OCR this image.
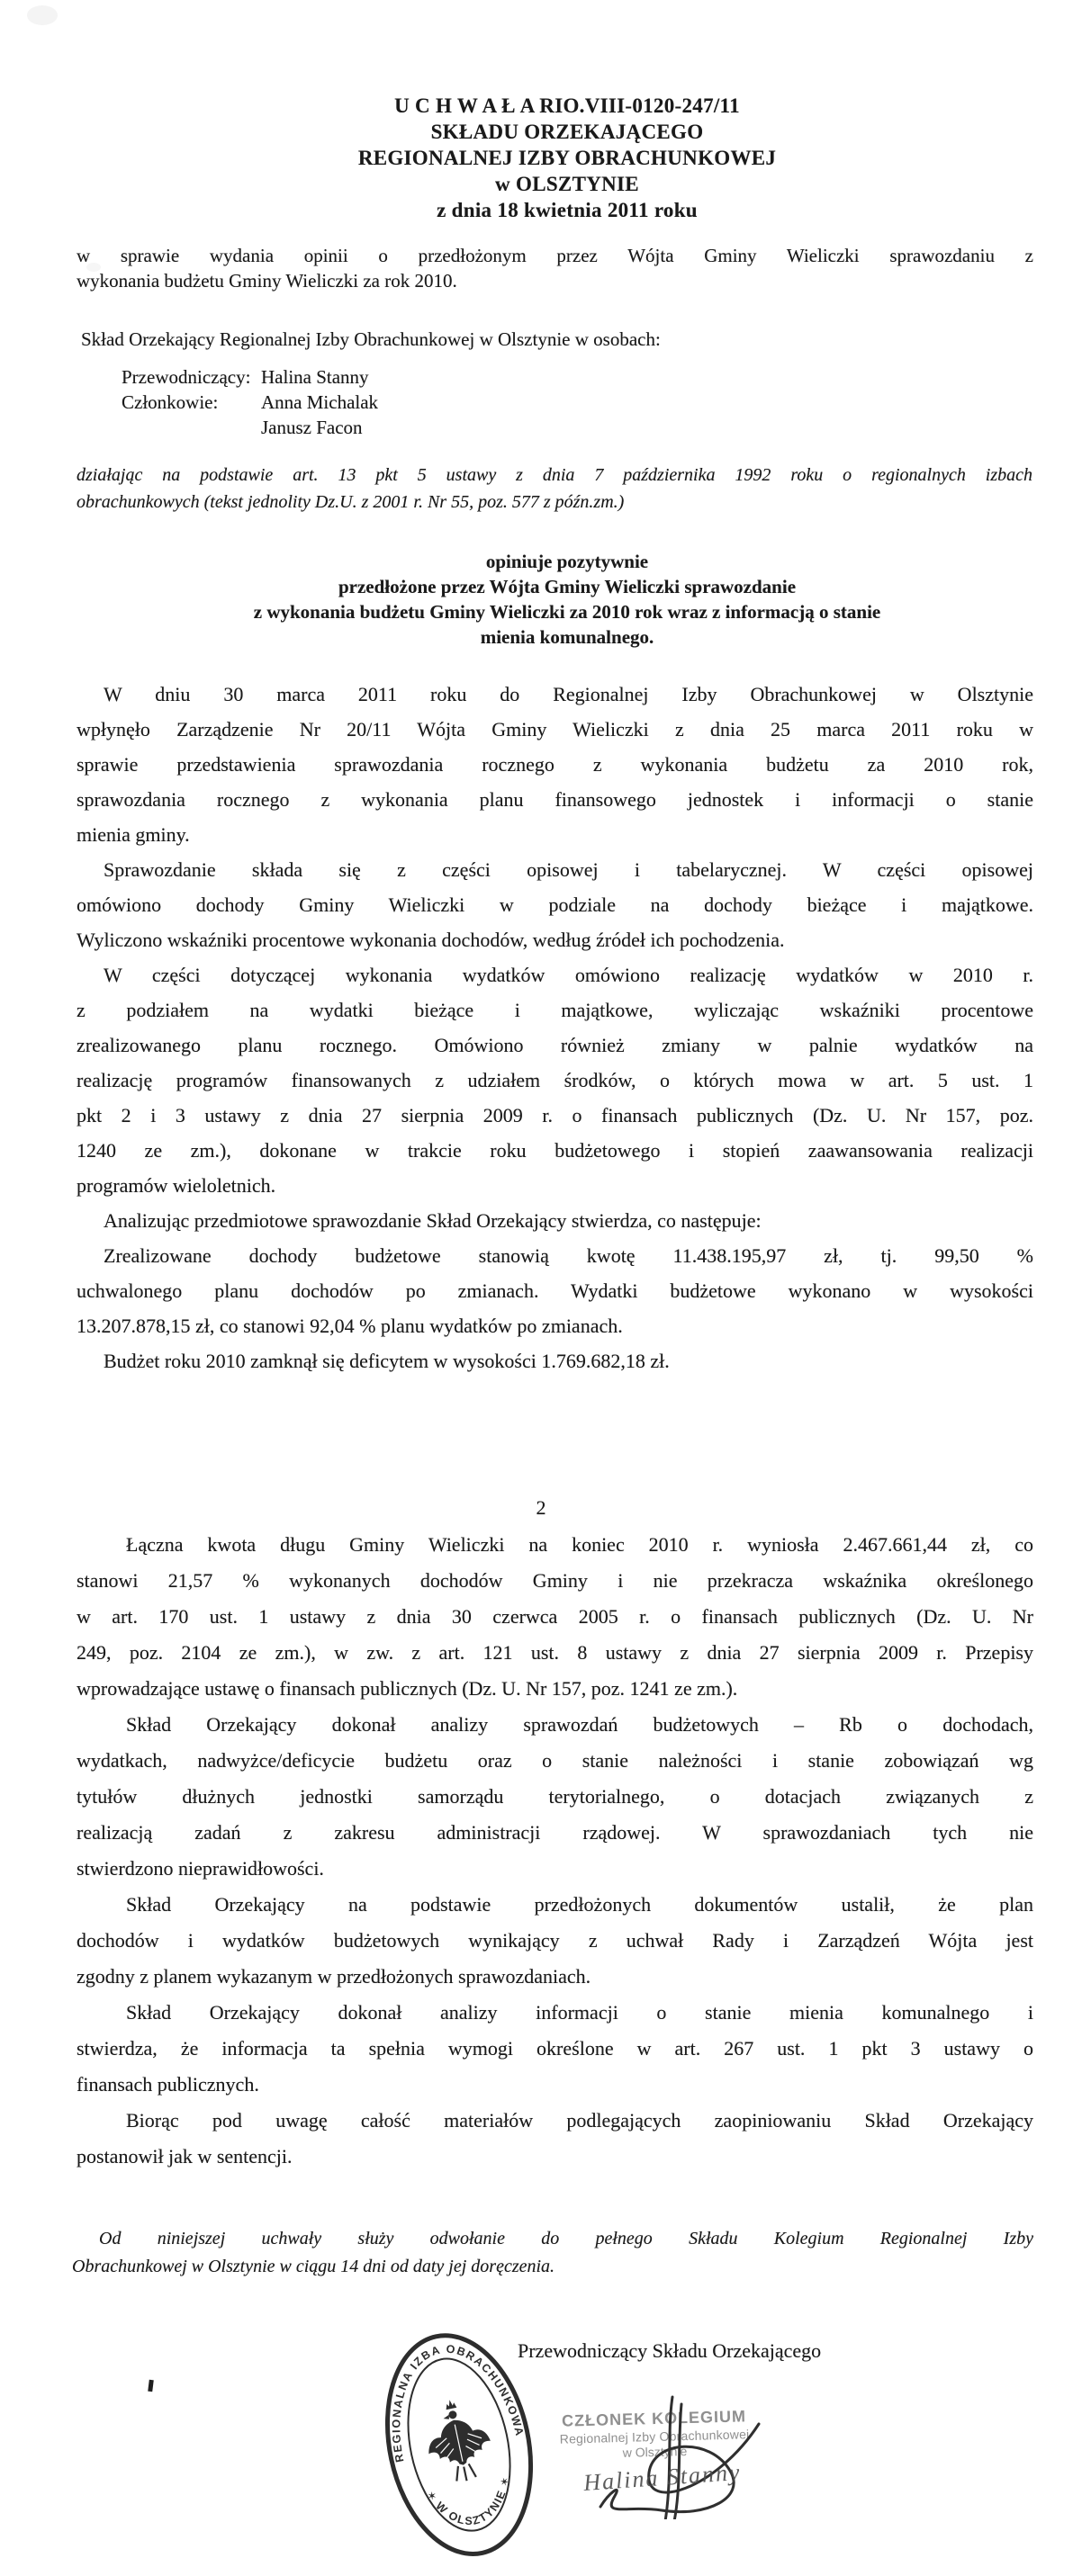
U C H W A Ł A RIO.VIII-0120-247/11
SKŁADU ORZEKAJĄCEGO
REGIONALNEJ IZBY OBRACHUNKOWEJ
w OLSZTYNIE
z dnia 18 kwietnia 2011 roku
w sprawie wydania opinii o przedłożonym przez Wójta Gminy Wieliczki sprawozdaniu z
wykonania budżetu Gminy Wieliczki za rok 2010.
Skład Orzekający Regionalnej Izby Obrachunkowej w Olsztynie w osobach:
Przewodniczący: Halina Stanny
Członkowie:	Anna Michalak
Janusz Facon
działając na podstawie art. 13 pkt 5 ustawy z dnia 7 października 1992 roku o regionalnych izbach
obrachunkowych (tekst jednolity Dz.U. z 2001 r. Nr 55, poz. 577 z późn.zm.)
opiniuje pozytywnie
przedłożone przez Wójta Gminy Wieliczki sprawozdanie
z wykonania budżetu Gminy Wieliczki za 2010 rok wraz z informacją o stanie
mienia komunalnego.
W dniu 30 marca 2011 roku do Regionalnej Izby Obrachunkowej w Olsztynie
wpłynęło Zarządzenie Nr 20/11 Wójta Gminy Wieliczki z dnia 25 marca 2011 roku w
sprawie przedstawienia sprawozdania rocznego z wykonania budżetu za 2010 rok,
sprawozdania rocznego z wykonania planu finansowego jednostek i informacji o stanie
mienia gminy.
Sprawozdanie składa się z części opisowej i tabelarycznej. W części opisowej
omówiono dochody Gminy Wieliczki w podziale na dochody bieżące i majątkowe.
Wyliczono wskaźniki procentowe wykonania dochodów, według źródeł ich pochodzenia.
W części dotyczącej wykonania wydatków omówiono realizację wydatków w 2010 r.
z podziałem na wydatki bieżące i majątkowe, wyliczając wskaźniki procentowe
zrealizowanego planu rocznego. Omówiono również zmiany w palnie wydatków na
realizację programów finansowanych z udziałem środków, o których mowa w art. 5 ust. 1
pkt 2 i 3 ustawy z dnia 27 sierpnia 2009 r. o finansach publicznych (Dz. U. Nr 157, poz.
1240 ze zm.), dokonane w trakcie roku budżetowego i stopień zaawansowania realizacji
programów wieloletnich.
Analizując przedmiotowe sprawozdanie Skład Orzekający stwierdza, co następuje:
Zrealizowane dochody budżetowe stanowią kwotę 11.438.195,97 zł, tj. 99,50 %
uchwalonego planu dochodów po zmianach. Wydatki budżetowe wykonano w wysokości
13.207.878,15 zł, co stanowi 92,04 % planu wydatków po zmianach.
Budżet roku 2010 zamknął się deficytem w wysokości 1.769.682,18 zł.
2
Łączna kwota długu Gminy Wieliczki na koniec 2010 r. wyniosła 2.467.661,44 zł, co
stanowi 21,57 % wykonanych dochodów Gminy i nie przekracza wskaźnika określonego
w art. 170 ust. 1 ustawy z dnia 30 czerwca 2005 r. o finansach publicznych (Dz. U. Nr
249, poz. 2104 ze zm.), w zw. z art. 121 ust. 8 ustawy z dnia 27 sierpnia 2009 r. Przepisy
wprowadzające ustawę o finansach publicznych (Dz. U. Nr 157, poz. 1241 ze zm.).
Skład Orzekający dokonał analizy sprawozdań budżetowych – Rb o dochodach,
wydatkach, nadwyżce/deficycie budżetu oraz o stanie należności i stanie zobowiązań wg
tytułów dłużnych jednostki samorządu terytorialnego, o dotacjach związanych z
realizacją zadań z zakresu administracji rządowej. W sprawozdaniach tych nie
stwierdzono nieprawidłowości.
Skład Orzekający na podstawie przedłożonych dokumentów ustalił, że plan
dochodów i wydatków budżetowych wynikający z uchwał Rady i Zarządzeń Wójta jest
zgodny z planem wykazanym w przedłożonych sprawozdaniach.
Skład Orzekający dokonał analizy informacji o stanie mienia komunalnego i
stwierdza, że informacja ta spełnia wymogi określone w art. 267 ust. 1 pkt 3 ustawy o
finansach publicznych.
Biorąc pod uwagę całość materiałów podlegających zaopiniowaniu Skład Orzekający
postanowił jak w sentencji.
Od niniejszej uchwały służy odwołanie do pełnego Składu Kolegium Regionalnej Izby
Obrachunkowej w Olsztynie w ciągu 14 dni od daty jej doręczenia.
Przewodniczący Składu Orzekającego
REGIONALNA IZBA OBRACHUNKOWA
✶ W OLSZTYNIE ✶
CZŁONEK KOLEGIUM
Regionalnej Izby Obrachunkowej
w Olsztynie
Halina Stanny
